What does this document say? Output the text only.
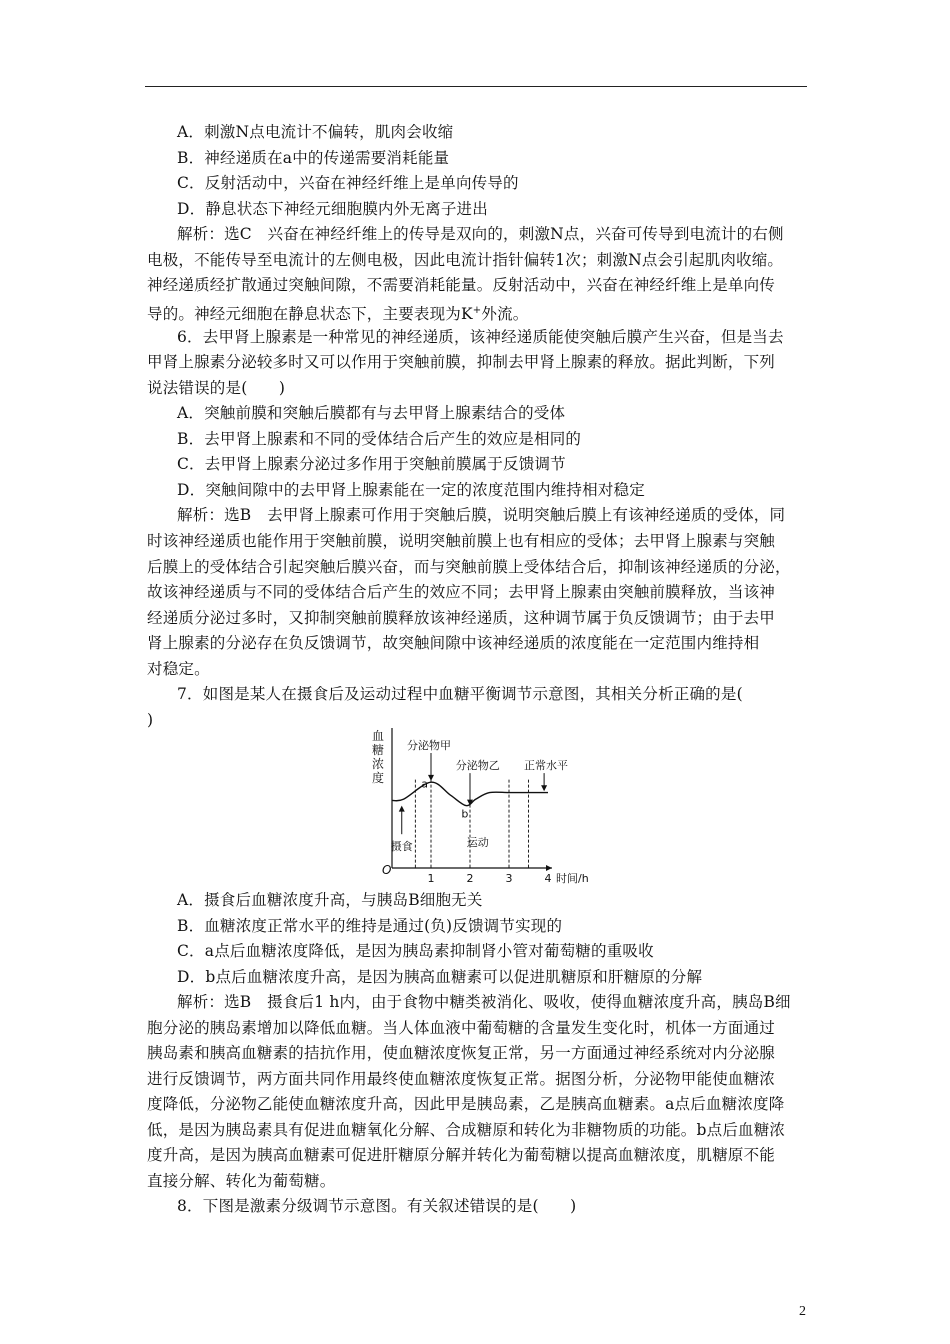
A．刺激N点电流计不偏转，肌肉会收缩
B．神经递质在a中的传递需要消耗能量
C．反射活动中，兴奋在神经纤维上是单向传导的
D．静息状态下神经元细胞膜内外无离子进出
解析：选C　兴奋在神经纤维上的传导是双向的，刺激N点，兴奋可传导到电流计的右侧
电极，不能传导至电流计的左侧电极，因此电流计指针偏转1次；刺激N点会引起肌肉收缩。
神经递质经扩散通过突触间隙，不需要消耗能量。反射活动中，兴奋在神经纤维上是单向传
导的。神经元细胞在静息状态下，主要表现为K+外流。
6．去甲肾上腺素是一种常见的神经递质，该神经递质能使突触后膜产生兴奋，但是当去
甲肾上腺素分泌较多时又可以作用于突触前膜，抑制去甲肾上腺素的释放。据此判断，下列
说法错误的是(　　)
A．突触前膜和突触后膜都有与去甲肾上腺素结合的受体
B．去甲肾上腺素和不同的受体结合后产生的效应是相同的
C．去甲肾上腺素分泌过多作用于突触前膜属于反馈调节
D．突触间隙中的去甲肾上腺素能在一定的浓度范围内维持相对稳定
解析：选B　去甲肾上腺素可作用于突触后膜，说明突触后膜上有该神经递质的受体，同
时该神经递质也能作用于突触前膜，说明突触前膜上也有相应的受体；去甲肾上腺素与突触
后膜上的受体结合引起突触后膜兴奋，而与突触前膜上受体结合后，抑制该神经递质的分泌，
故该神经递质与不同的受体结合后产生的效应不同；去甲肾上腺素由突触前膜释放，当该神
经递质分泌过多时，又抑制突触前膜释放该神经递质，这种调节属于负反馈调节；由于去甲
肾上腺素的分泌存在负反馈调节，故突触间隙中该神经递质的浓度能在一定范围内维持相
对稳定。
7．如图是某人在摄食后及运动过程中血糖平衡调节示意图，其相关分析正确的是(
)
血
糖
浓
度
O
1	2	3	4 时间/h
分泌物甲
a
分泌物乙
b
正常水平
摄食	运动
A．摄食后血糖浓度升高，与胰岛B细胞无关
B．血糖浓度正常水平的维持是通过(负)反馈调节实现的
C．a点后血糖浓度降低，是因为胰岛素抑制肾小管对葡萄糖的重吸收
D．b点后血糖浓度升高，是因为胰高血糖素可以促进肌糖原和肝糖原的分解
解析：选B　摄食后1 h内，由于食物中糖类被消化、吸收，使得血糖浓度升高，胰岛B细
胞分泌的胰岛素增加以降低血糖。当人体血液中葡萄糖的含量发生变化时，机体一方面通过
胰岛素和胰高血糖素的拮抗作用，使血糖浓度恢复正常，另一方面通过神经系统对内分泌腺
进行反馈调节，两方面共同作用最终使血糖浓度恢复正常。据图分析，分泌物甲能使血糖浓
度降低，分泌物乙能使血糖浓度升高，因此甲是胰岛素，乙是胰高血糖素。a点后血糖浓度降
低，是因为胰岛素具有促进血糖氧化分解、合成糖原和转化为非糖物质的功能。b点后血糖浓
度升高，是因为胰高血糖素可促进肝糖原分解并转化为葡萄糖以提高血糖浓度，肌糖原不能
直接分解、转化为葡萄糖。
8．下图是激素分级调节示意图。有关叙述错误的是(　　)
2
